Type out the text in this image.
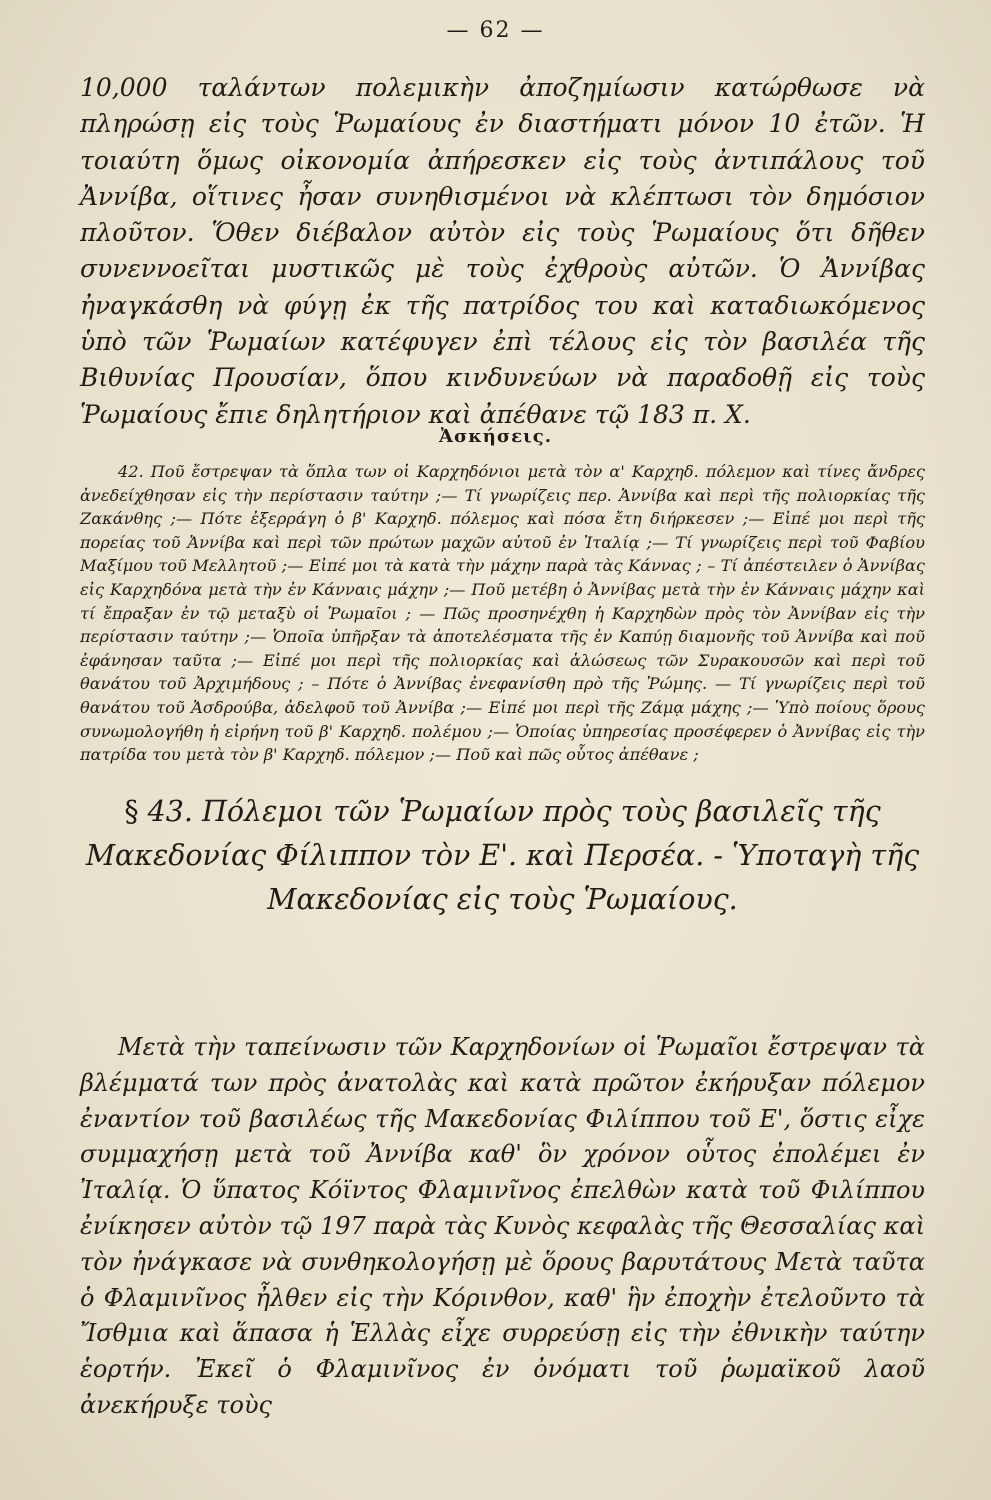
— 62 —
10,000 ταλάντων πολεμικὴν ἀποζημίωσιν κατώρθωσε νὰ πληρώσῃ εἰς τοὺς Ῥωμαίους ἐν διαστήματι μόνον 10 ἐτῶν. Ἡ τοιαύτη ὅμως οἰκονομία ἀπήρεσκεν εἰς τοὺς ἀντιπάλους τοῦ Ἀννίβα, οἵτινες ἦσαν συνηθισμένοι νὰ κλέπτωσι τὸν δημόσιον πλοῦτον. Ὅθεν διέβαλον αὐτὸν εἰς τοὺς Ῥωμαίους ὅτι δῆθεν συνεννοεῖται μυστικῶς μὲ τοὺς ἐχθροὺς αὐτῶν. Ὁ Ἀννίβας ἠναγκάσθη νὰ φύγῃ ἐκ τῆς πατρίδος του καὶ καταδιωκόμενος ὑπὸ τῶν Ῥωμαίων κατέφυγεν ἐπὶ τέλους εἰς τὸν βασιλέα τῆς Βιθυνίας Προυσίαν, ὅπου κινδυνεύων νὰ παραδοθῇ εἰς τοὺς Ῥωμαίους ἔπιε δηλητήριον καὶ ἀπέθανε τῷ 183 π. Χ.
Ἀσκήσεις.
42. Ποῦ ἔστρεψαν τὰ ὅπλα των οἱ Καρχηδόνιοι μετὰ τὸν α' Καρχηδ. πόλεμον καὶ τίνες ἄνδρες ἀνεδείχθησαν εἰς τὴν περίστασιν ταύτην ;— Τί γνωρίζεις περ. Ἀννίβα καὶ περὶ τῆς πολιορκίας τῆς Ζακάνθης ;— Πότε ἐξερράγη ὁ β' Καρχηδ. πόλεμος καὶ πόσα ἔτη διήρκεσεν ;— Εἰπέ μοι περὶ τῆς πορείας τοῦ Ἀννίβα καὶ περὶ τῶν πρώτων μαχῶν αὐτοῦ ἐν Ἰταλίᾳ ;— Τί γνωρίζεις περὶ τοῦ Φαβίου Μαξίμου τοῦ Μελλητοῦ ;— Εἰπέ μοι τὰ κατὰ τὴν μάχην παρὰ τὰς Κάννας ; – Τί ἀπέστειλεν ὁ Ἀννίβας εἰς Καρχηδόνα μετὰ τὴν ἐν Κάνναις μάχην ;— Ποῦ μετέβη ὁ Ἀννίβας μετὰ τὴν ἐν Κάνναις μάχην καὶ τί ἔπραξαν ἐν τῷ μεταξὺ οἱ Ῥωμαῖοι ; — Πῶς προσηνέχθη ἡ Καρχηδὼν πρὸς τὸν Ἀννίβαν εἰς τὴν περίστασιν ταύτην ;— Ὁποῖα ὑπῆρξαν τὰ ἀποτελέσματα τῆς ἐν Καπύῃ διαμονῆς τοῦ Ἀννίβα καὶ ποῦ ἐφάνησαν ταῦτα ;— Εἰπέ μοι περὶ τῆς πολιορκίας καὶ ἁλώσεως τῶν Συρακουσῶν καὶ περὶ τοῦ θανάτου τοῦ Ἀρχιμήδους ; – Πότε ὁ Ἀννίβας ἐνεφανίσθη πρὸ τῆς Ῥώμης. — Τί γνωρίζεις περὶ τοῦ θανάτου τοῦ Ἀσδρούβα, ἀδελφοῦ τοῦ Ἀννίβα ;— Εἰπέ μοι περὶ τῆς Ζάμᾳ μάχης ;— Ὑπὸ ποίους ὅρους συνωμολογήθη ἡ εἰρήνη τοῦ β' Καρχηδ. πολέμου ;— Ὁποίας ὑπηρεσίας προσέφερεν ὁ Ἀννίβας εἰς τὴν πατρίδα του μετὰ τὸν β' Καρχηδ. πόλεμον ;— Ποῦ καὶ πῶς οὗτος ἀπέθανε ;
§ 43. Πόλεμοι τῶν Ῥωμαίων πρὸς τοὺς βασιλεῖς τῆς Μακεδονίας Φίλιππον τὸν Ε'. καὶ Περσέα. - Ὑποταγὴ τῆς Μακεδονίας εἰς τοὺς Ῥωμαίους.
Μετὰ τὴν ταπείνωσιν τῶν Καρχηδονίων οἱ Ῥωμαῖοι ἔστρεψαν τὰ βλέμματά των πρὸς ἀνατολὰς καὶ κατὰ πρῶτον ἐκήρυξαν πόλεμον ἐναντίον τοῦ βασιλέως τῆς Μακεδονίας Φιλίππου τοῦ Ε', ὅστις εἶχε συμμαχήσῃ μετὰ τοῦ Ἀννίβα καθ' ὃν χρόνον οὗτος ἐπολέμει ἐν Ἰταλίᾳ. Ὁ ὕπατος Κόϊντος Φλαμινῖνος ἐπελθὼν κατὰ τοῦ Φιλίππου ἐνίκησεν αὐτὸν τῷ 197 παρὰ τὰς Κυνὸς κεφαλὰς τῆς Θεσσαλίας καὶ τὸν ἠνάγκασε νὰ συνθηκολογήσῃ μὲ ὅρους βαρυτάτους Μετὰ ταῦτα ὁ Φλαμινῖνος ἦλθεν εἰς τὴν Κόρινθον, καθ' ἣν ἐποχὴν ἐτελοῦντο τὰ Ἴσθμια καὶ ἅπασα ἡ Ἑλλὰς εἶχε συρρεύσῃ εἰς τὴν ἐθνικὴν ταύτην ἑορτήν. Ἐκεῖ ὁ Φλαμινῖνος ἐν ὀνόματι τοῦ ῥωμαϊκοῦ λαοῦ ἀνεκήρυξε τοὺς
